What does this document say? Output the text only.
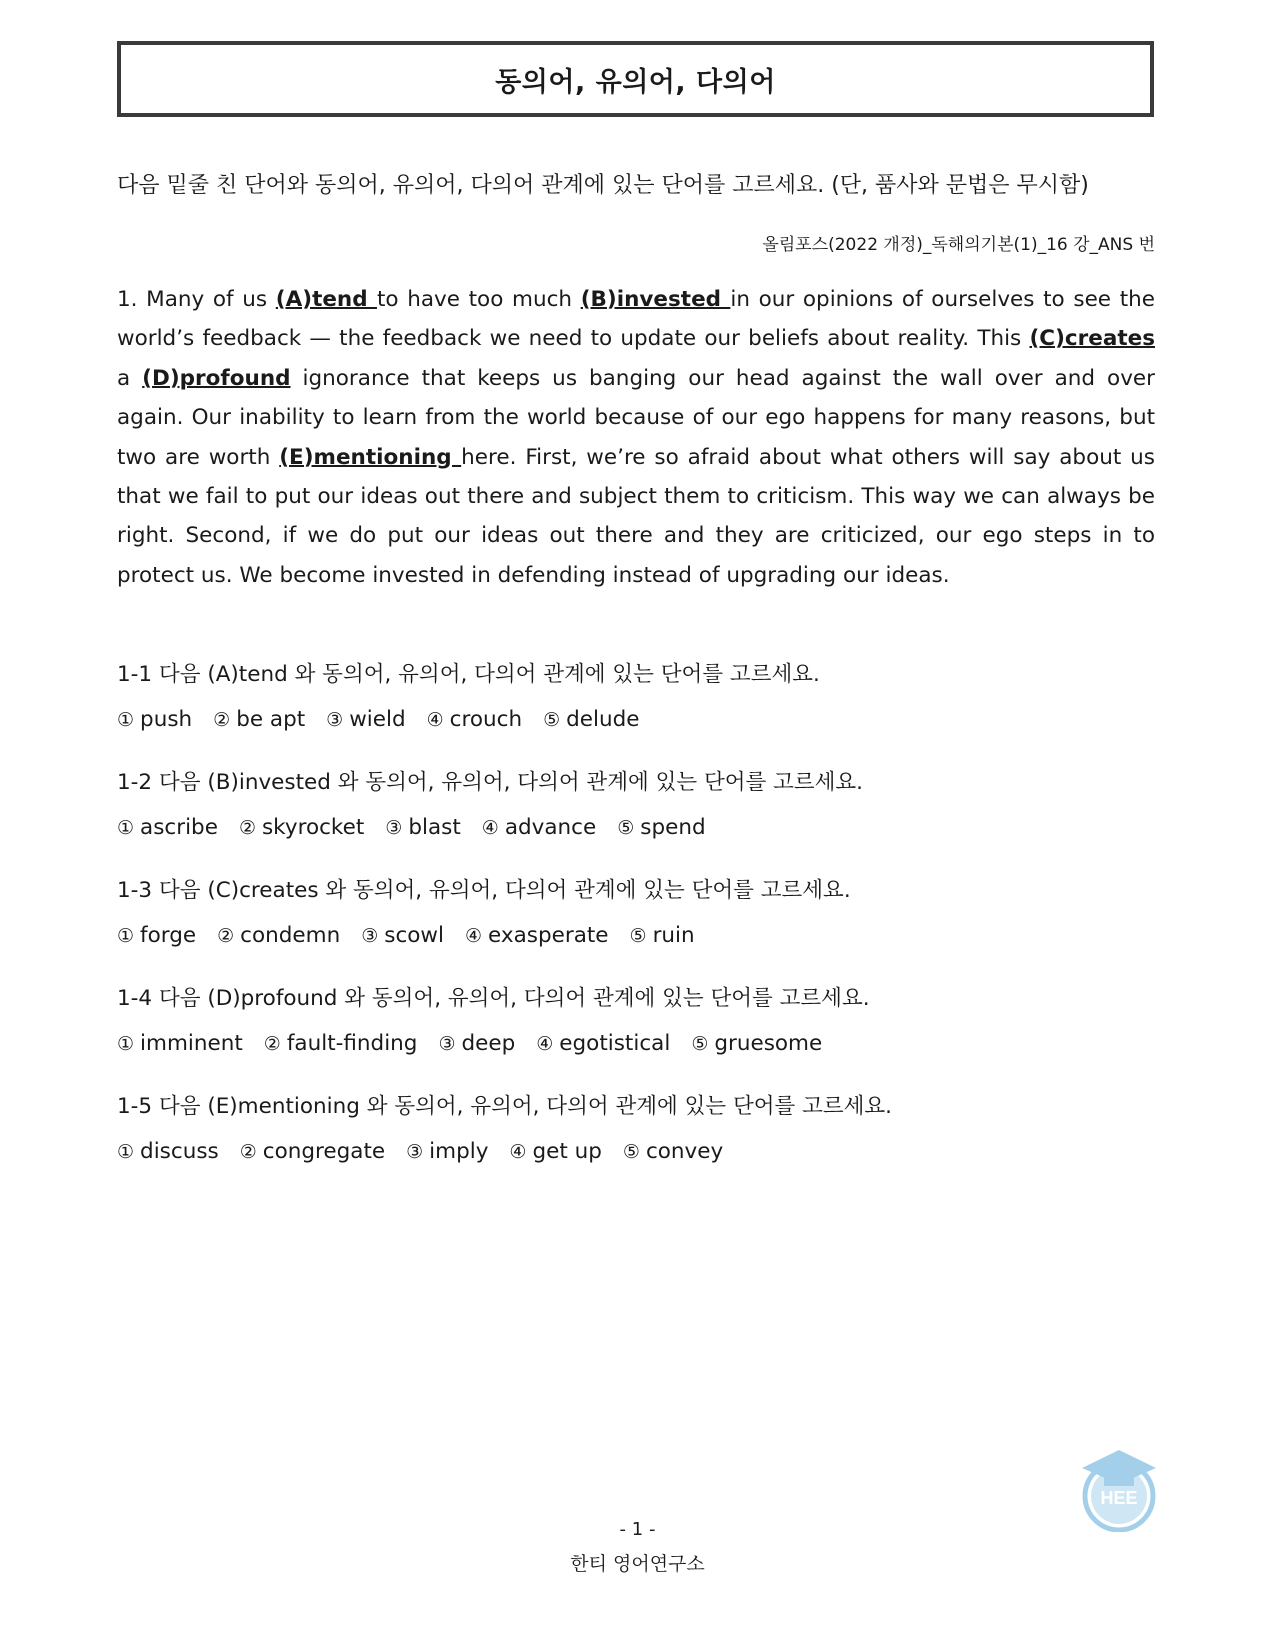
동의어, 유의어, 다의어
다음 밑줄 친 단어와 동의어, 유의어, 다의어 관계에 있는 단어를 고르세요. (단, 품사와 문법은 무시함)
올림포스(2022 개정)_독해의기본(1)_16 강_ANS 번
1. Many of us (A)tend to have too much (B)invested in our opinions of ourselves to see the world’s feedback — the feedback we need to update our beliefs about reality. This (C)creates a (D)profound ignorance that keeps us banging our head against the wall over and over again. Our inability to learn from the world because of our ego happens for many reasons, but two are worth (E)mentioning here. First, we’re so afraid about what others will say about us that we fail to put our ideas out there and subject them to criticism. This way we can always be right. Second, if we do put our ideas out there and they are criticized, our ego steps in to protect us. We become invested in defending instead of upgrading our ideas.
1-1 다음 (A)tend 와 동의어, 유의어, 다의어 관계에 있는 단어를 고르세요.
① push ② be apt ③ wield ④ crouch ⑤ delude
1-2 다음 (B)invested 와 동의어, 유의어, 다의어 관계에 있는 단어를 고르세요.
① ascribe ② skyrocket ③ blast ④ advance ⑤ spend
1-3 다음 (C)creates 와 동의어, 유의어, 다의어 관계에 있는 단어를 고르세요.
① forge ② condemn ③ scowl ④ exasperate ⑤ ruin
1-4 다음 (D)profound 와 동의어, 유의어, 다의어 관계에 있는 단어를 고르세요.
① imminent ② fault-finding ③ deep ④ egotistical ⑤ gruesome
1-5 다음 (E)mentioning 와 동의어, 유의어, 다의어 관계에 있는 단어를 고르세요.
① discuss ② congregate ③ imply ④ get up ⑤ convey
HEE
- 1 -
한티 영어연구소
